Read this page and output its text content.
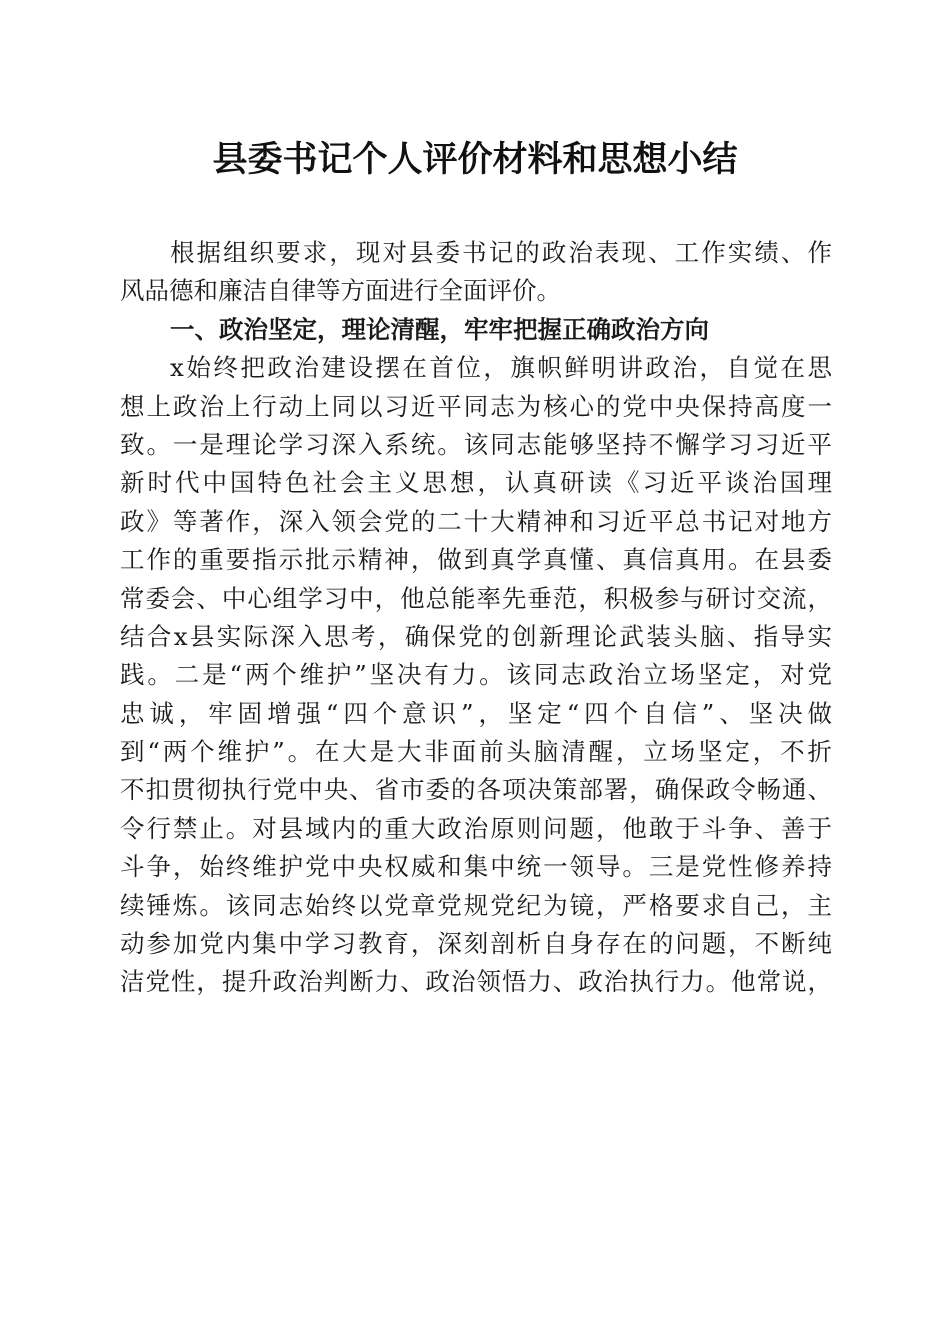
县委书记个人评价材料和思想小结
根据组织要求，现对县委书记的政治表现、工作实绩、作
风品德和廉洁自律等方面进行全面评价。
一、政治坚定，理论清醒，牢牢把握正确政治方向
x始终把政治建设摆在首位，旗帜鲜明讲政治，自觉在思
想上政治上行动上同以习近平同志为核心的党中央保持高度一
致。一是理论学习深入系统。该同志能够坚持不懈学习习近平
新时代中国特色社会主义思想，认真研读《习近平谈治国理
政》等著作，深入领会党的二十大精神和习近平总书记对地方
工作的重要指示批示精神，做到真学真懂、真信真用。在县委
常委会、中心组学习中，他总能率先垂范，积极参与研讨交流，
结合x县实际深入思考，确保党的创新理论武装头脑、指导实
践。二是“两个维护”坚决有力。该同志政治立场坚定，对党
忠诚，牢固增强“四个意识”，坚定“四个自信”、坚决做
到“两个维护”。在大是大非面前头脑清醒，立场坚定，不折
不扣贯彻执行党中央、省市委的各项决策部署，确保政令畅通、
令行禁止。对县域内的重大政治原则问题，他敢于斗争、善于
斗争，始终维护党中央权威和集中统一领导。三是党性修养持
续锤炼。该同志始终以党章党规党纪为镜，严格要求自己，主
动参加党内集中学习教育，深刻剖析自身存在的问题，不断纯
洁党性，提升政治判断力、政治领悟力、政治执行力。他常说，
